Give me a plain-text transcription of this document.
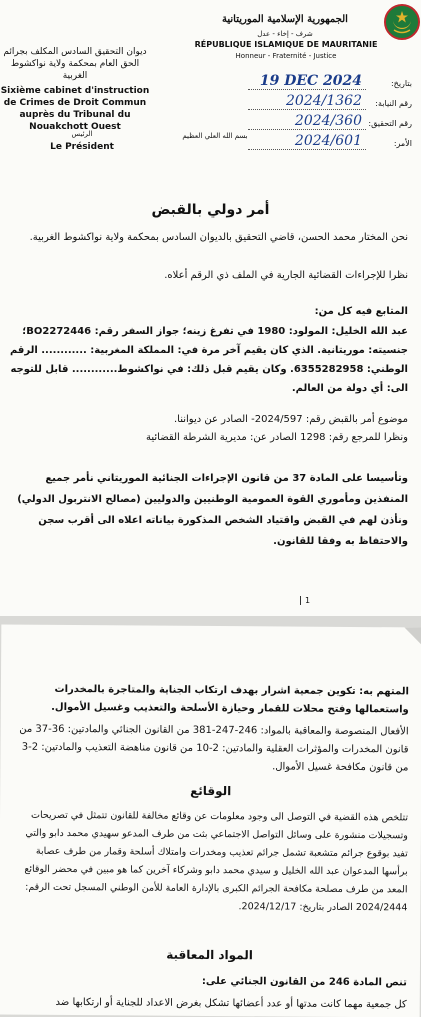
ديوان التحقيق السادس المكلف بجرائم الحق العام بمحكمة ولاية نواكشوط الغربية
Sixième cabinet d'instruction de Crimes de Droit Commun auprès du Tribunal du Nouakchott Ouest
الرئيس
Le Président
بسم الله العلي العظيم
الجمهورية الإسلامية الموريتانية
شرف - إخاء - عدل
RÉPUBLIQUE ISLAMIQUE DE MAURITANIE
Honneur - Fraternité - Justice
بتاريخ:
19 DEC 2024
رقم النيابة:
2024/1362
رقم التحقيق:
2024/360
الأمر:
2024/601
أمر دولي بالقبض
نحن المختار محمد الحسن، قاضي التحقيق بالديوان السادس بمحكمة ولاية نواكشوط الغربية.
نظرا للإجراءات القضائية الجارية في الملف ذي الرقم أعلاه.
المتابع فيه كل من:
عبد الله الخليل: المولود: 1980 في تفرغ زينه؛ جواز السفر رقم: BO2272446؛ جنسيته: موريتانية. الذي كان يقيم آخر مرة في: المملكة المغربية: ............ الرقم الوطني: 6355282958. وكان يقيم قبل ذلك: في نواكشوط............ قابل للتوجه الى: أي دولة من العالم.
موضوع أمر بالقبض رقم: 2024/597- الصادر عن ديواننا.
ونظرا للمرجع رقم: 1298 الصادر عن: مديرية الشرطة القضائية
وتأسيسا على المادة 37 من قانون الإجراءات الجنائية الموريتاني نأمر جميع المنفذين ومأموري القوة العمومية الوطنيين والدوليين (مصالح الانتربول الدولي) ونأذن لهم في القبض واقتياد الشخص المذكورة بياناته اعلاه الى أقرب سجن والاحتفاظ به وفقا للقانون.
1
المتهم به: تكوين جمعية اشرار بهدف ارتكاب الجناية والمتاجرة بالمخدرات واستعمالها وفتح محلات للقمار وحيازة الأسلحة والتعذيب وغسيل الأموال.
الأفعال المنصوصة والمعاقبة بالمواد: 246-247-381 من القانون الجنائي والمادتين: 36-37 من قانون المخدرات والمؤثرات العقلية والمادتين: 2-10 من قانون مناهضة التعذيب والمادتين: 2-3 من قانون مكافحة غسيل الأموال.
الوقائع
تتلخص هذه القضية في التوصل الى وجود معلومات عن وقائع مخالفة للقانون تتمثل في تصريحات وتسجيلات منشورة على وسائل التواصل الاجتماعي بثت من طرف المدعو سهيدي محمد دابو والتي تفيد بوقوع جرائم متشعبة تشمل جرائم تعذيب ومخدرات وامتلاك أسلحة وقمار من طرف عصابة برأسها المدعوان عبد الله الخليل و سيدي محمد دابو وشركاء آخرين كما هو مبين في محضر الوقائع المعد من طرف مصلحة مكافحة الجرائم الكبرى بالإدارة العامة للأمن الوطني المسجل تحت الرقم: 2024/2444 الصادر بتاريخ: 2024/12/17.
المواد المعاقبة
تنص المادة 246 من القانون الجنائي على:
كل جمعية مهما كانت مدتها أو عدد أعضائها تشكل بغرض الاعداد للجناية أو ارتكابها ضد
